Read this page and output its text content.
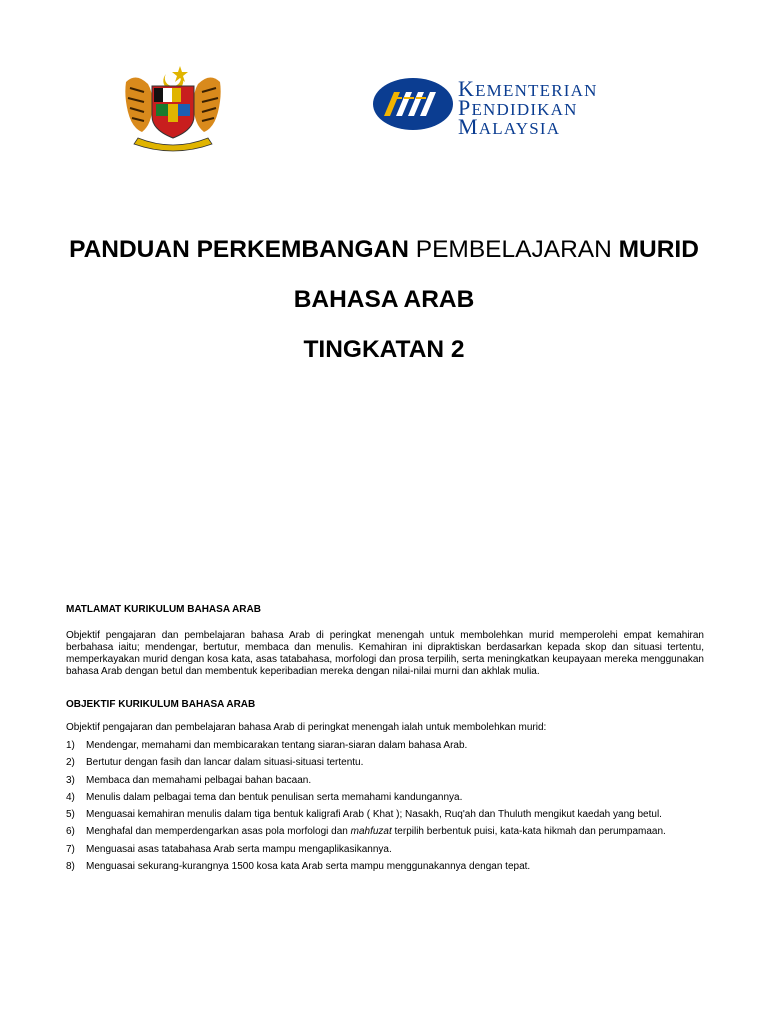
KEMENTERIAN
PENDIDIKAN
MALAYSIA
PANDUAN PERKEMBANGAN PEMBELAJARAN MURID
BAHASA ARAB
TINGKATAN 2
MATLAMAT KURIKULUM BAHASA ARAB
Objektif pengajaran dan pembelajaran bahasa Arab di peringkat menengah untuk membolehkan murid memperolehi empat kemahiran berbahasa iaitu; mendengar, bertutur, membaca dan menulis. Kemahiran ini dipraktiskan berdasarkan kepada skop dan situasi tertentu, memperkayakan murid dengan kosa kata, asas tatabahasa, morfologi dan prosa terpilih, serta meningkatkan keupayaan mereka menggunakan bahasa Arab dengan betul dan membentuk keperibadian mereka dengan nilai-nilai murni dan akhlak mulia.
OBJEKTIF KURIKULUM BAHASA ARAB
Objektif pengajaran dan pembelajaran bahasa Arab di peringkat menengah ialah untuk membolehkan murid:
1)	Mendengar, memahami dan membicarakan tentang siaran-siaran dalam bahasa Arab.
2)	Bertutur dengan fasih dan lancar dalam situasi-situasi tertentu.
3)	Membaca dan memahami pelbagai bahan bacaan.
4)	Menulis dalam pelbagai tema dan bentuk penulisan serta memahami kandungannya.
5)	Menguasai kemahiran menulis dalam tiga bentuk kaligrafi Arab ( Khat ); Nasakh, Ruq'ah dan Thuluth mengikut kaedah yang betul.
6)	Menghafal dan memperdengarkan asas pola morfologi dan mahfuzat terpilih berbentuk puisi, kata-kata hikmah dan perumpamaan.
7)	Menguasai asas tatabahasa Arab serta mampu mengaplikasikannya.
8)	Menguasai sekurang-kurangnya 1500 kosa kata Arab serta mampu menggunakannya dengan tepat.
